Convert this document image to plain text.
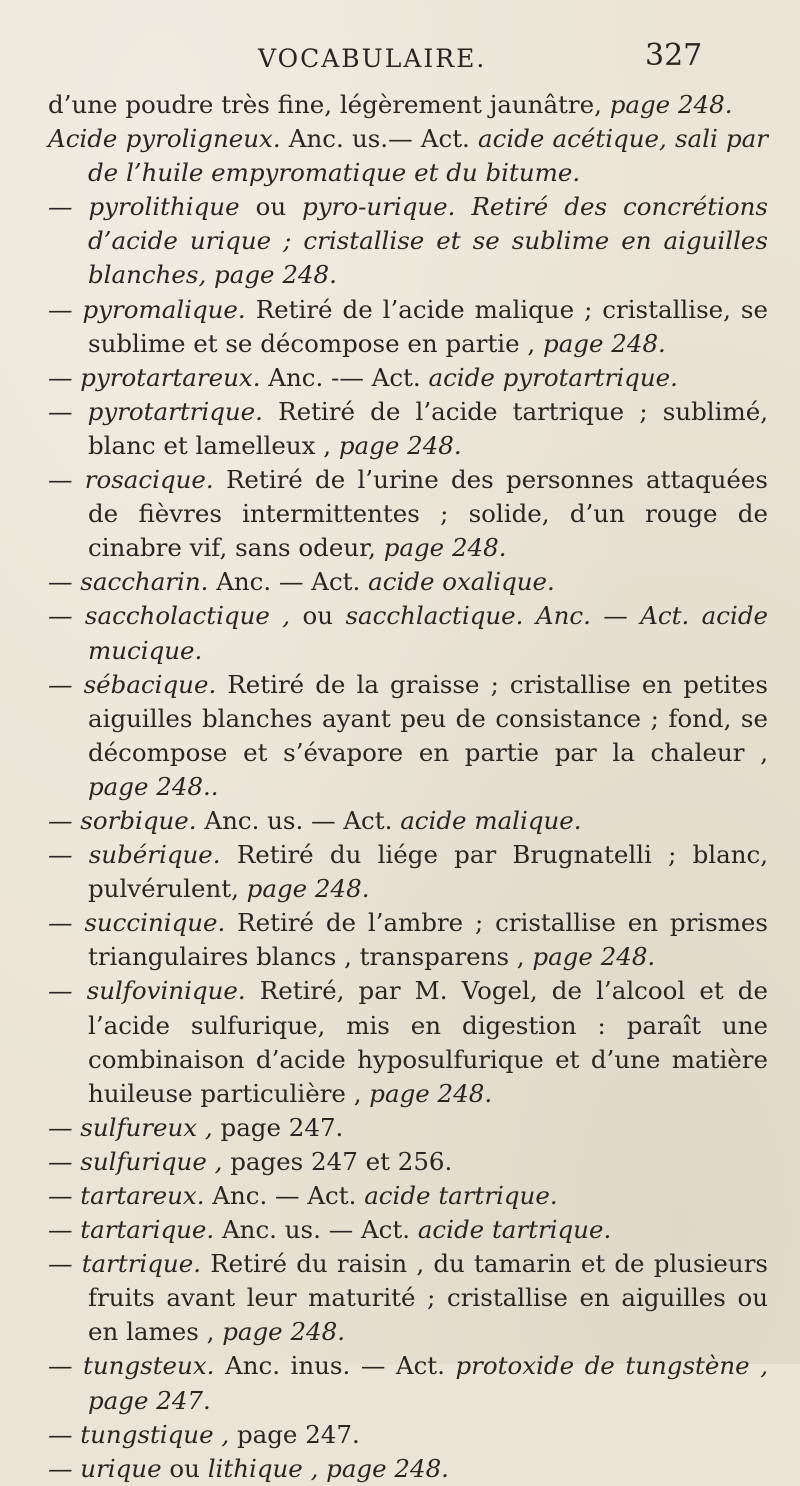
VOCABULAIRE.	327
d’une poudre très fine, légèrement jaunâtre, page 248.
Acide pyroligneux. Anc. us.— Act. acide acétique, sali par de l’huile empyromatique et du bitume.
— pyrolithique ou pyro-urique. Retiré des concrétions d’acide urique ; cristallise et se sublime en aiguilles blanches, page 248.
— pyromalique. Retiré de l’acide malique ; cristallise, se sublime et se décompose en partie , page 248.
— pyrotartareux. Anc. -— Act. acide pyrotartrique.
— pyrotartrique. Retiré de l’acide tartrique ; sublimé, blanc et lamelleux , page 248.
— rosacique. Retiré de l’urine des personnes attaquées de fièvres intermittentes ; solide, d’un rouge de cinabre vif, sans odeur, page 248.
— saccharin. Anc. — Act. acide oxalique.
— saccholactique , ou sacchlactique. Anc. — Act. acide mucique.
— sébacique. Retiré de la graisse ; cristallise en petites aiguilles blanches ayant peu de consistance ; fond, se décompose et s’évapore en partie par la chaleur , page 248..
— sorbique. Anc. us. — Act. acide malique.
— subérique. Retiré du liége par Brugnatelli ; blanc, pulvérulent, page 248.
— succinique. Retiré de l’ambre ; cristallise en prismes triangulaires blancs , transparens , page 248.
— sulfovinique. Retiré, par M. Vogel, de l’alcool et de l’acide sulfurique, mis en digestion : paraît une combinaison d’acide hyposulfurique et d’une matière huileuse particulière , page 248.
— sulfureux , page 247.
— sulfurique , pages 247 et 256.
— tartareux. Anc. — Act. acide tartrique.
— tartarique. Anc. us. — Act. acide tartrique.
— tartrique. Retiré du raisin , du tamarin et de plusieurs fruits avant leur maturité ; cristallise en aiguilles ou en lames , page 248.
— tungsteux. Anc. inus. — Act. protoxide de tungstène , page 247.
— tungstique , page 247.
— urique ou lithique , page 248.
